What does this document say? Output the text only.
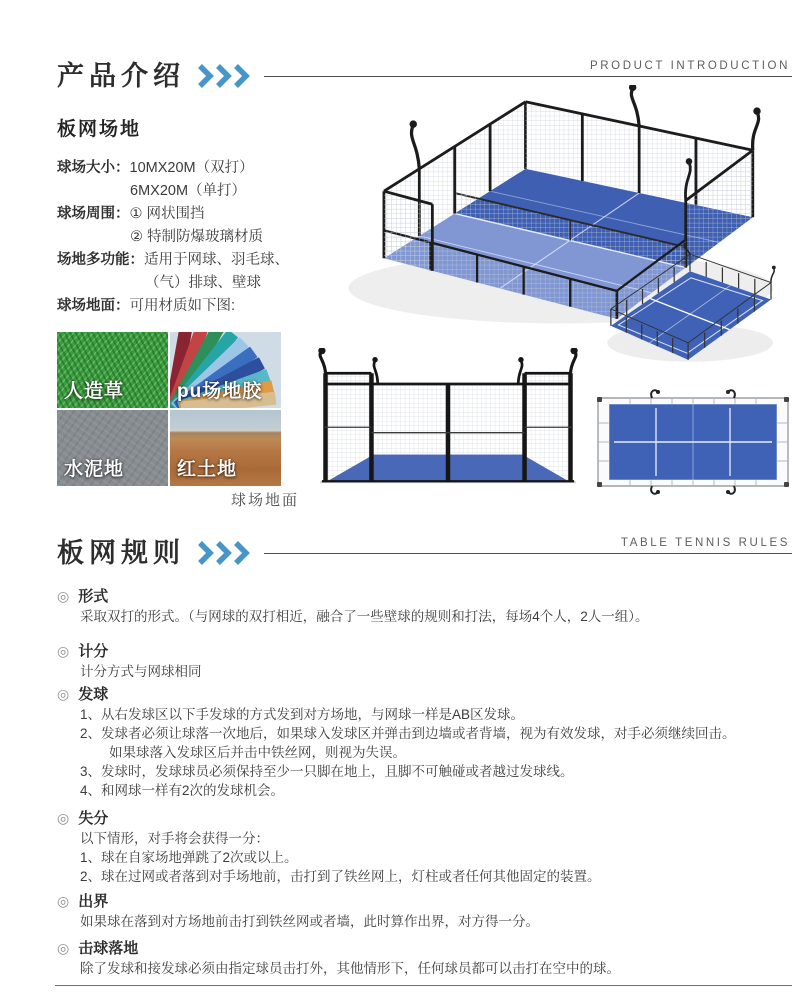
产品介绍	PRODUCT INTRODUCTION
板网场地
球场大小：10MX20M（双打）
6MX20M（单打）
球场周围：① 网状围挡
② 特制防爆玻璃材质
场地多功能：适用于网球、羽毛球、
（气）排球、壁球
球场地面：可用材质如下图:
人造草	pu场地胶
水泥地	红土地
球场地面
板网规则	TABLE TENNIS RULES
◎ 形式
采取双打的形式。（与网球的双打相近，融合了一些壁球的规则和打法，每场4个人，2人一组）。
◎ 计分
计分方式与网球相同
◎ 发球
1、从右发球区以下手发球的方式发到对方场地，与网球一样是AB区发球。
2、发球者必须让球落一次地后，如果球入发球区并弹击到边墙或者背墙，视为有效发球，对手必须继续回击。
如果球落入发球区后并击中铁丝网，则视为失误。
3、发球时，发球球员必须保持至少一只脚在地上，且脚不可触碰或者越过发球线。
4、和网球一样有2次的发球机会。
◎ 失分
以下情形，对手将会获得一分：
1、球在自家场地弹跳了2次或以上。
2、球在过网或者落到对手场地前，击打到了铁丝网上，灯柱或者任何其他固定的装置。
◎ 出界
如果球在落到对方场地前击打到铁丝网或者墙，此时算作出界，对方得一分。
◎ 击球落地
除了发球和接发球必须由指定球员击打外，其他情形下，任何球员都可以击打在空中的球。
